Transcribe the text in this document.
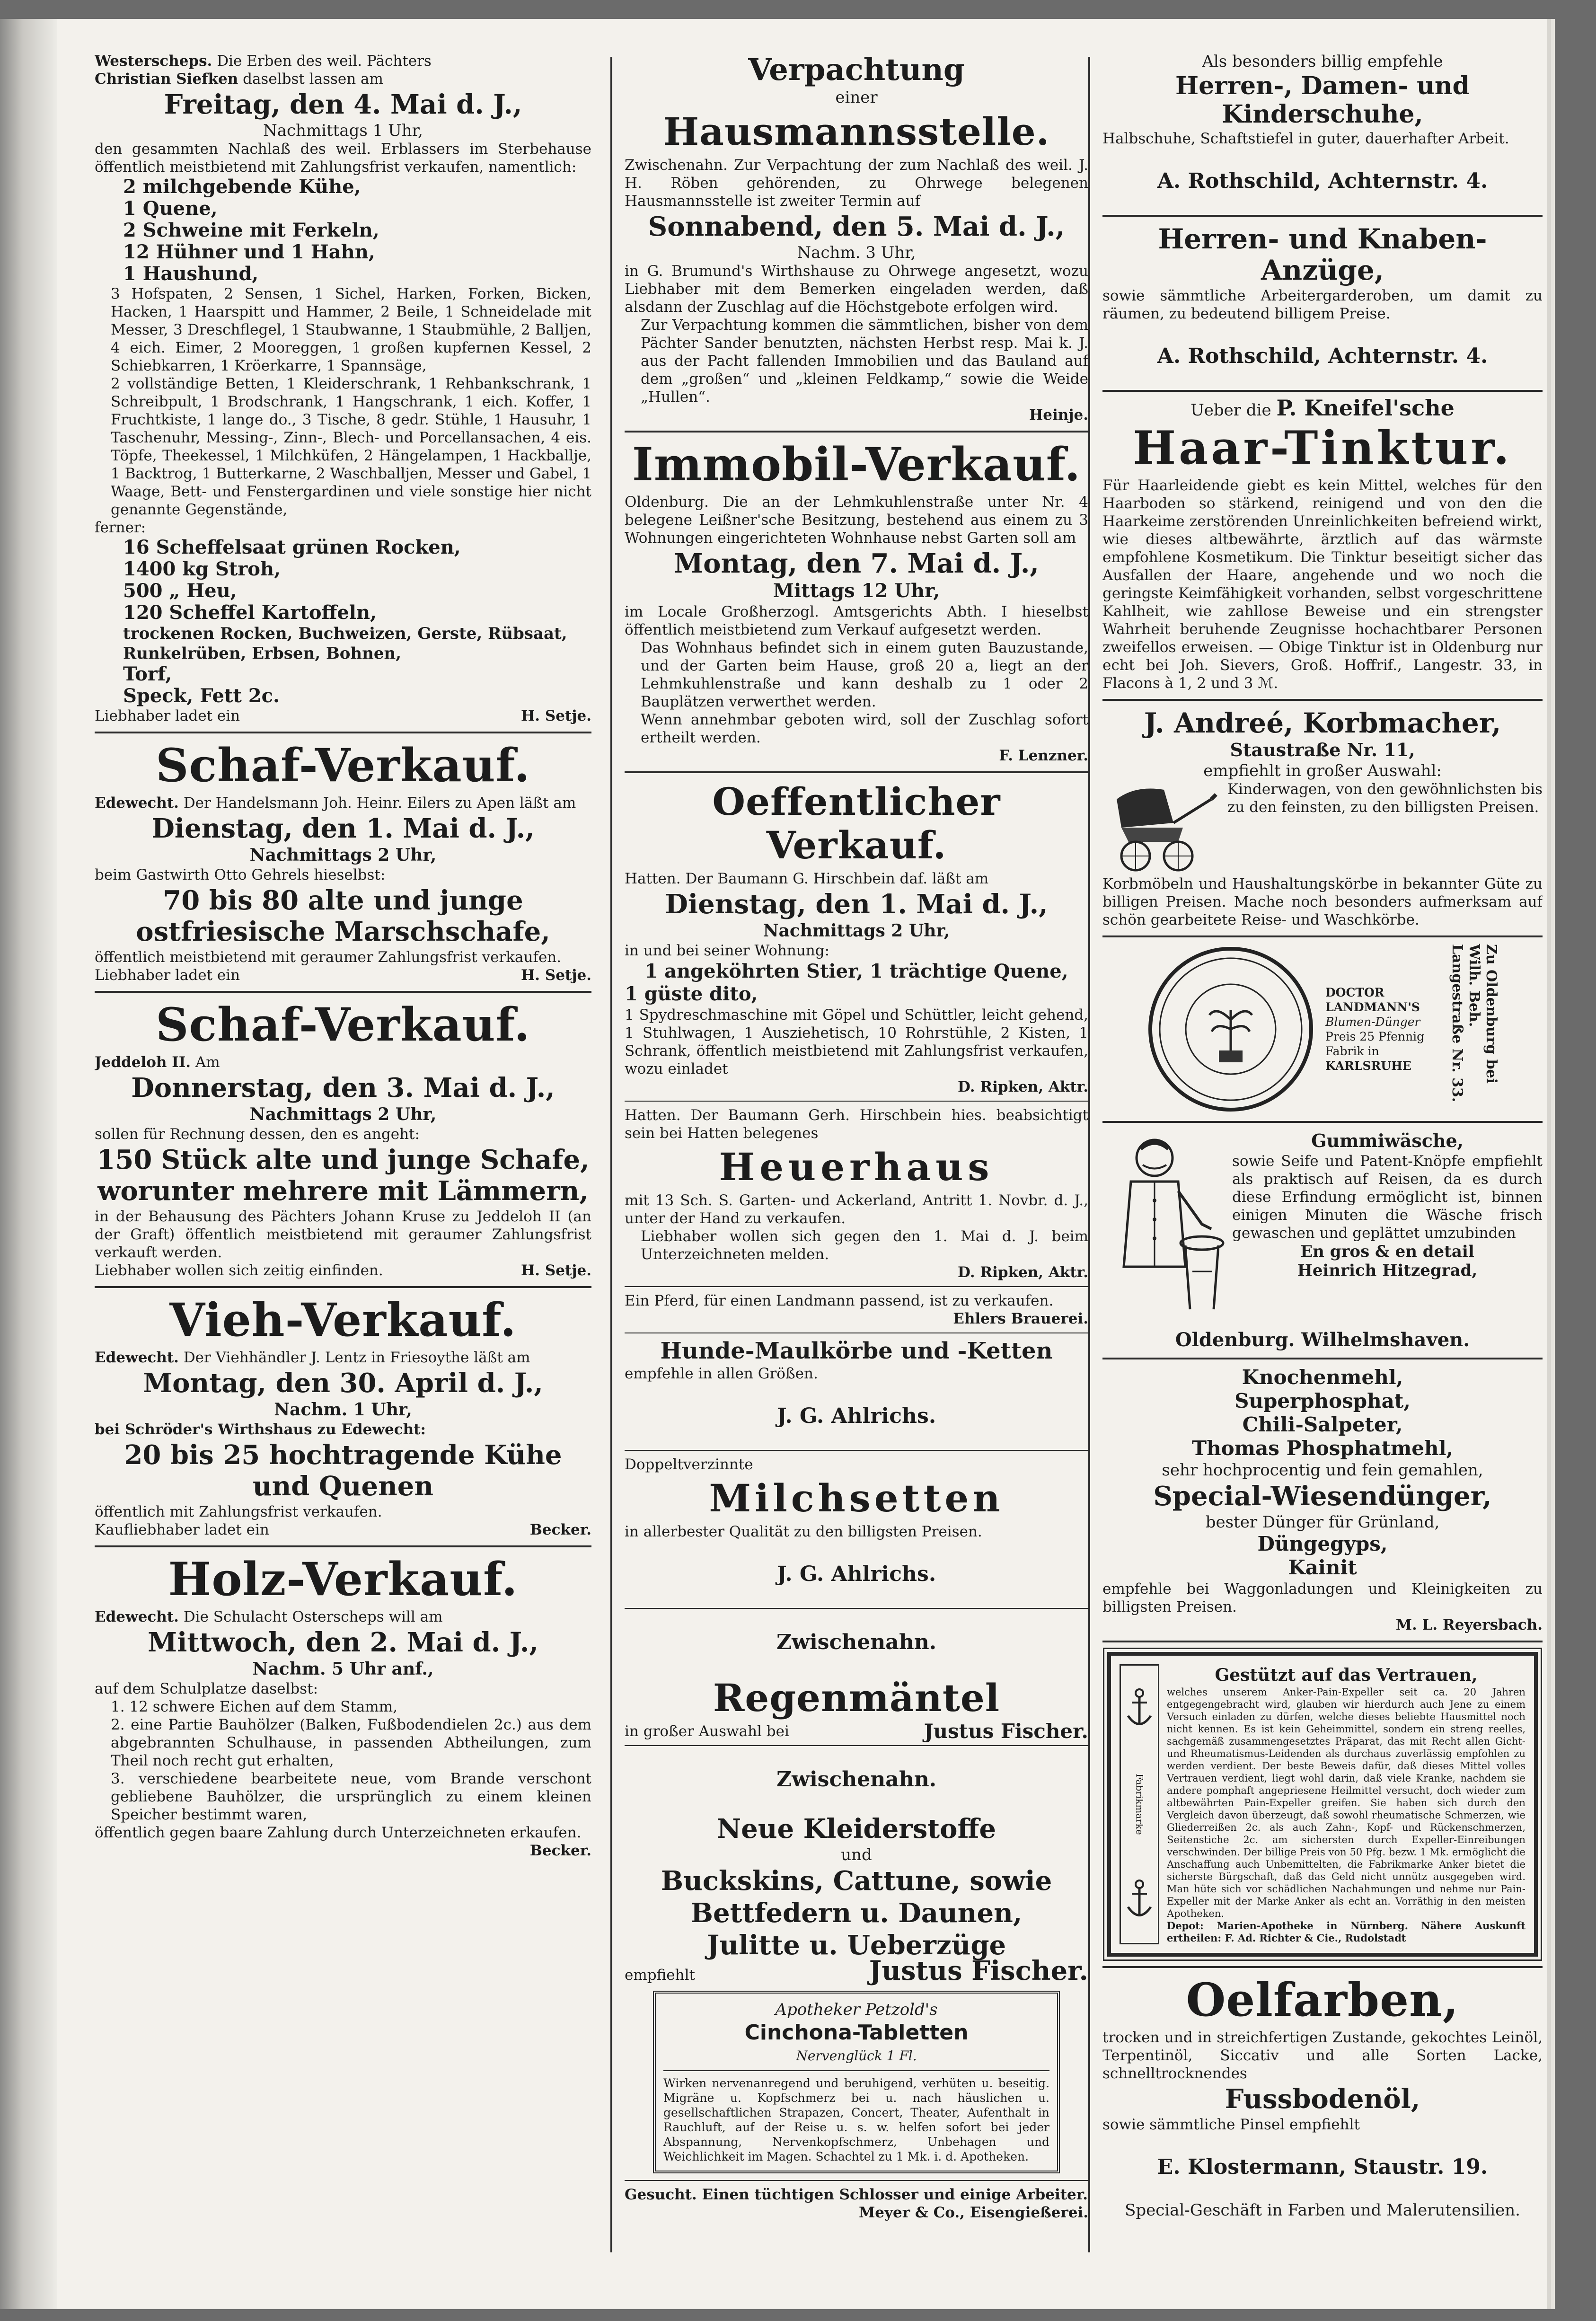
Westerscheps. Die Erben des weil. Pächters

Christian Siefken daselbst lassen am

Freitag, den 4. Mai d. J.,

Nachmittags 1 Uhr,

den gesammten Nachlaß des weil. Erblassers im Sterbehause öffentlich meistbietend mit Zahlungsfrist verkaufen, namentlich:

2 milchgebende Kühe,

1 Quene,

2 Schweine mit Ferkeln,

12 Hühner und 1 Hahn,

1 Haushund,

3 Hofspaten, 2 Sensen, 1 Sichel, Harken, Forken, Bicken, Hacken, 1 Haarspitt und Hammer, 2 Beile, 1 Schneidelade mit Messer, 3 Dreschflegel, 1 Staubwanne, 1 Staubmühle, 2 Balljen, 4 eich. Eimer, 2 Mooreggen, 1 großen kupfernen Kessel, 2 Schiebkarren, 1 Kröerkarre, 1 Spannsäge,

2 vollständige Betten, 1 Kleiderschrank, 1 Rehbankschrank, 1 Schreibpult, 1 Brodschrank, 1 Hangschrank, 1 eich. Koffer, 1 Fruchtkiste, 1 lange do., 3 Tische, 8 gedr. Stühle, 1 Hausuhr, 1 Taschenuhr, Messing-, Zinn-, Blech- und Porcellansachen, 4 eis. Töpfe, Theekessel, 1 Milchküfen, 2 Hängelampen, 1 Hackballje, 1 Backtrog, 1 Butterkarne, 2 Waschballjen, Messer und Gabel, 1 Waage, Bett- und Fenstergardinen und viele sonstige hier nicht genannte Gegenstände,

ferner:

16 Scheffelsaat grünen Rocken,

1400 kg Stroh,

500 „ Heu,

120 Scheffel Kartoffeln,

trockenen Rocken, Buchweizen, Gerste, Rübsaat, Runkelrüben, Erbsen, Bohnen,

Torf,

Speck, Fett 2c.

Liebhaber ladet ein	H. Setje.
Schaf-Verkauf.

Edewecht. Der Handelsmann Joh. Heinr. Eilers zu Apen läßt am

Dienstag, den 1. Mai d. J.,

Nachmittags 2 Uhr,

beim Gastwirth Otto Gehrels hieselbst:

70 bis 80 alte und junge ostfriesische Marschschafe,

öffentlich meistbietend mit geraumer Zahlungsfrist verkaufen.

Liebhaber ladet ein	H. Setje.
Schaf-Verkauf.

Jeddeloh II. Am

Donnerstag, den 3. Mai d. J.,

Nachmittags 2 Uhr,

sollen für Rechnung dessen, den es angeht:

150 Stück alte und junge Schafe, worunter mehrere mit Lämmern,

in der Behausung des Pächters Johann Kruse zu Jeddeloh II (an der Graft) öffentlich meistbietend mit geraumer Zahlungsfrist verkauft werden.

Liebhaber wollen sich zeitig einfinden.	H. Setje.
Vieh-Verkauf.

Edewecht. Der Viehhändler J. Lentz in Friesoythe läßt am

Montag, den 30. April d. J.,

Nachm. 1 Uhr,

bei Schröder's Wirthshaus zu Edewecht:

20 bis 25 hochtragende Kühe und Quenen

öffentlich mit Zahlungsfrist verkaufen.

Kaufliebhaber ladet ein	Becker.
Holz-Verkauf.

Edewecht. Die Schulacht Osterscheps will am

Mittwoch, den 2. Mai d. J.,

Nachm. 5 Uhr anf.,

auf dem Schulplatze daselbst:

1. 12 schwere Eichen auf dem Stamm,

2. eine Partie Bauhölzer (Balken, Fußbodendielen 2c.) aus dem abgebrannten Schulhause, in passenden Abtheilungen, zum Theil noch recht gut erhalten,

3. verschiedene bearbeitete neue, vom Brande verschont gebliebene Bauhölzer, die ursprünglich zu einem kleinen Speicher bestimmt waren,

öffentlich gegen baare Zahlung durch Unterzeichneten erkaufen.

Becker.

Verpachtung

einer

Hausmannsstelle.

Zwischenahn. Zur Verpachtung der zum Nachlaß des weil. J. H. Röben gehörenden, zu Ohrwege belegenen Hausmannsstelle ist zweiter Termin auf

Sonnabend, den 5. Mai d. J.,

Nachm. 3 Uhr,

in G. Brumund's Wirthshause zu Ohrwege angesetzt, wozu Liebhaber mit dem Bemerken eingeladen werden, daß alsdann der Zuschlag auf die Höchstgebote erfolgen wird.

Zur Verpachtung kommen die sämmtlichen, bisher von dem Pächter Sander benutzten, nächsten Herbst resp. Mai k. J. aus der Pacht fallenden Immobilien und das Bauland auf dem „großen“ und „kleinen Feldkamp,“ sowie die Weide „Hullen“.

Heinje.

Immobil-Verkauf.

Oldenburg. Die an der Lehmkuhlenstraße unter Nr. 4 belegene Leißner'sche Besitzung, bestehend aus einem zu 3 Wohnungen eingerichteten Wohnhause nebst Garten soll am

Montag, den 7. Mai d. J.,

Mittags 12 Uhr,

im Locale Großherzogl. Amtsgerichts Abth. I hieselbst öffentlich meistbietend zum Verkauf aufgesetzt werden.

Das Wohnhaus befindet sich in einem guten Bauzustande, und der Garten beim Hause, groß 20 a, liegt an der Lehmkuhlenstraße und kann deshalb zu 1 oder 2 Bauplätzen verwerthet werden.

Wenn annehmbar geboten wird, soll der Zuschlag sofort ertheilt werden.

F. Lenzner.

Oeffentlicher Verkauf.

Hatten. Der Baumann G. Hirschbein daf. läßt am

Dienstag, den 1. Mai d. J.,

Nachmittags 2 Uhr,

in und bei seiner Wohnung:

1 angeköhrten Stier, 1 trächtige Quene,

1 güste dito,

1 Spydreschmaschine mit Göpel und Schüttler, leicht gehend, 1 Stuhlwagen, 1 Ausziehetisch, 10 Rohrstühle, 2 Kisten, 1 Schrank, öffentlich meistbietend mit Zahlungsfrist verkaufen, wozu einladet

D. Ripken, Aktr.

Hatten. Der Baumann Gerh. Hirschbein hies. beabsichtigt sein bei Hatten belegenes

Heuerhaus

mit 13 Sch. S. Garten- und Ackerland, Antritt 1. Novbr. d. J., unter der Hand zu verkaufen.

Liebhaber wollen sich gegen den 1. Mai d. J. beim Unterzeichneten melden.

D. Ripken, Aktr.

Ein Pferd, für einen Landmann passend, ist zu verkaufen.

Ehlers Brauerei.

Hunde-Maulkörbe und -Ketten

empfehle in allen Größen.

J. G. Ahlrichs.

Doppeltverzinnte

Milchsetten

in allerbester Qualität zu den billigsten Preisen.

J. G. Ahlrichs.

Zwischenahn.

Regenmäntel
in großer Auswahl bei	Justus Fischer.

Zwischenahn.

Neue Kleiderstoffe

und

Buckskins, Cattune, sowie

Bettfedern u. Daunen,

Julitte u. Ueberzüge

empfiehlt	Justus Fischer.

Apotheker Petzold's

Cinchona-Tabletten

Nervenglück 1 Fl.

Wirken nervenanregend und beruhigend, verhüten u. beseitig. Migräne u. Kopfschmerz bei u. nach häuslichen u. gesellschaftlichen Strapazen, Concert, Theater, Aufenthalt in Rauchluft, auf der Reise u. s. w. helfen sofort bei jeder Abspannung, Nervenkopfschmerz, Unbehagen und Weichlichkeit im Magen. Schachtel zu 1 Mk. i. d. Apotheken.

Gesucht. Einen tüchtigen Schlosser und einige Arbeiter.

Meyer & Co., Eisengießerei.

Als besonders billig empfehle

Herren-, Damen- und Kinderschuhe,

Halbschuhe, Schaftstiefel in guter, dauerhafter Arbeit.

A. Rothschild, Achternstr. 4.

Herren- und Knaben-Anzüge,

sowie sämmtliche Arbeitergarderoben, um damit zu räumen, zu bedeutend billigem Preise.

A. Rothschild, Achternstr. 4.

Ueber die P. Kneifel'sche

Haar-Tinktur.

Für Haarleidende giebt es kein Mittel, welches für den Haarboden so stärkend, reinigend und von den die Haarkeime zerstörenden Unreinlichkeiten befreiend wirkt, wie dieses altbewährte, ärztlich auf das wärmste empfohlene Kosmetikum. Die Tinktur beseitigt sicher das Ausfallen der Haare, angehende und wo noch die geringste Keimfähigkeit vorhanden, selbst vorgeschrittene Kahlheit, wie zahllose Beweise und ein strengster Wahrheit beruhende Zeugnisse hochachtbarer Personen zweifellos erweisen. — Obige Tinktur ist in Oldenburg nur echt bei Joh. Sievers, Groß. Hoffrif., Langestr. 33, in Flacons à 1, 2 und 3 ℳ.

J. Andreé, Korbmacher,

Staustraße Nr. 11,

empfiehlt in großer Auswahl:

Kinderwagen, von den gewöhnlichsten bis zu den feinsten, zu den billigsten Preisen.

Korbmöbeln und Haushaltungskörbe in bekannter Güte zu billigen Preisen. Mache noch besonders aufmerksam auf schön gearbeitete Reise- und Waschkörbe.

DOCTOR LANDMANN'S

Blumen-Dünger

Preis 25 Pfennig

Fabrik in

KARLSRUHE	Zu Oldenburg bei Wilh. Beh. Langestraße Nr. 33.

Gummiwäsche,

sowie Seife und Patent-Knöpfe empfiehlt als praktisch auf Reisen, da es durch diese Erfindung ermöglicht ist, binnen einigen Minuten die Wäsche frisch gewaschen und geplättet umzubinden

En gros & en detail

Heinrich Hitzegrad,

Oldenburg. Wilhelmshaven.

Knochenmehl,

Superphosphat,

Chili-Salpeter,

Thomas Phosphatmehl,

sehr hochprocentig und fein gemahlen,

Special-Wiesendünger,

bester Dünger für Grünland,

Düngegyps,

Kainit

empfehle bei Waggonladungen und Kleinigkeiten zu billigsten Preisen.

M. L. Reyersbach.

Fabrikmarke

Gestützt auf das Vertrauen,

welches unserem Anker-Pain-Expeller seit ca. 20 Jahren entgegengebracht wird, glauben wir hierdurch auch Jene zu einem Versuch einladen zu dürfen, welche dieses beliebte Hausmittel noch nicht kennen. Es ist kein Geheimmittel, sondern ein streng reelles, sachgemäß zusammengesetztes Präparat, das mit Recht allen Gicht- und Rheumatismus-Leidenden als durchaus zuverlässig empfohlen zu werden verdient. Der beste Beweis dafür, daß dieses Mittel volles Vertrauen verdient, liegt wohl darin, daß viele Kranke, nachdem sie andere pomphaft angepriesene Heilmittel versucht, doch wieder zum altbewährten Pain-Expeller greifen. Sie haben sich durch den Vergleich davon überzeugt, daß sowohl rheumatische Schmerzen, wie Gliederreißen 2c. als auch Zahn-, Kopf- und Rückenschmerzen, Seitenstiche 2c. am sichersten durch Expeller-Einreibungen verschwinden. Der billige Preis von 50 Pfg. bezw. 1 Mk. ermöglicht die Anschaffung auch Unbemittelten, die Fabrikmarke Anker bietet die sicherste Bürgschaft, daß das Geld nicht unnütz ausgegeben wird. Man hüte sich vor schädlichen Nachahmungen und nehme nur Pain-Expeller mit der Marke Anker als echt an. Vorräthig in den meisten Apotheken.

Depot: Marien-Apotheke in Nürnberg. Nähere Auskunft ertheilen: F. Ad. Richter & Cie., Rudolstadt

Oelfarben,

trocken und in streichfertigen Zustande, gekochtes Leinöl, Terpentinöl, Siccativ und alle Sorten Lacke, schnelltrocknendes

Fussbodenöl,

sowie sämmtliche Pinsel empfiehlt

E. Klostermann, Staustr. 19.

Special-Geschäft in Farben und Malerutensilien.
